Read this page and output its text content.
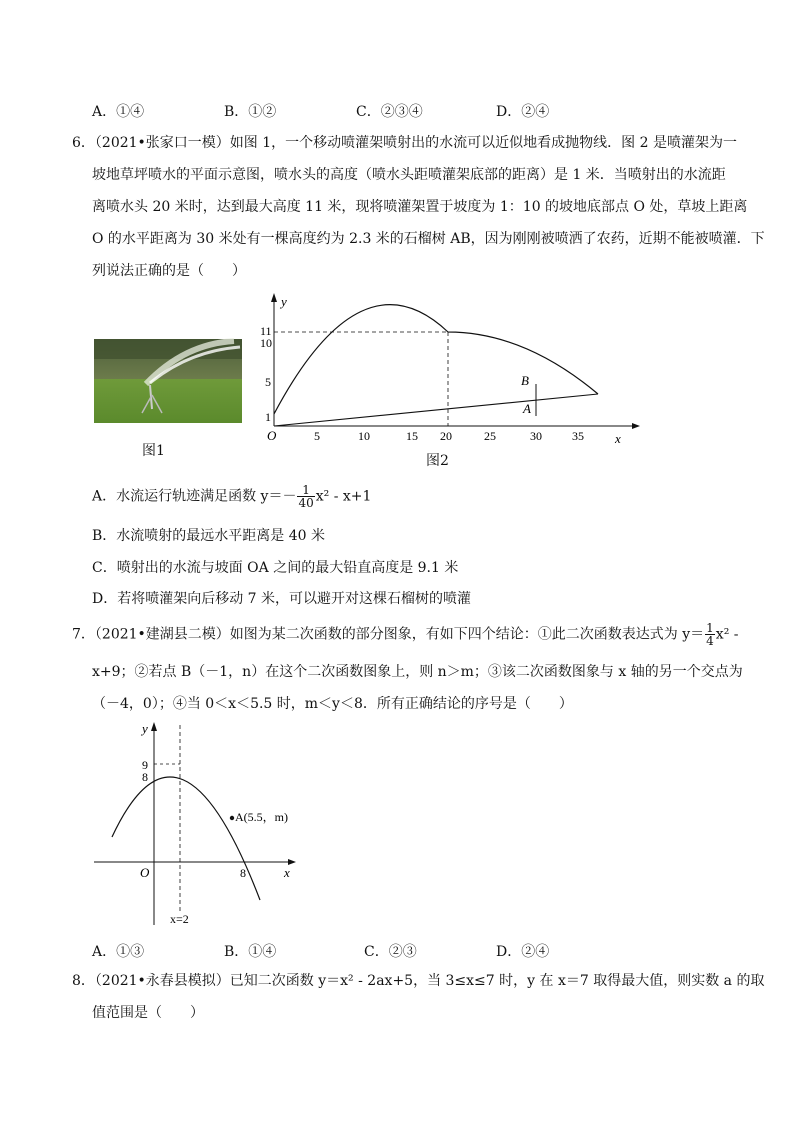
A．①④	B．①②	C．②③④	D．②④
6．（2021•张家口一模）如图 1，一个移动喷灌架喷射出的水流可以近似地看成抛物线．图 2 是喷灌架为一
坡地草坪喷水的平面示意图，喷水头的高度（喷水头距喷灌架底部的距离）是 1 米．当喷射出的水流距
离喷水头 20 米时，达到最大高度 11 米，现将喷灌架置于坡度为 1：10 的坡地底部点 O 处，草坡上距离
O 的水平距离为 30 米处有一棵高度约为 2.3 米的石榴树 AB，因为刚刚被喷洒了农药，近期不能被喷灌．下
列说法正确的是（　　）
图1
y
x
O
11
10
5
1
5	10	15 20	25	30	35
B
A
图2
A．水流运行轨迹满足函数 $y=- \frac{1}{40} x^2 - x+1$
B．水流喷射的最远水平距离是 40 米
C．喷射出的水流与坡面 OA 之间的最大铅直高度是 9.1 米
D．若将喷灌架向后移动 7 米，可以避开对这棵石榴树的喷灌
7．（2021•建湖县二模）如图为某二次函数的部分图象，有如下四个结论：①此二次函数表达式为 $y= \frac{1}{4} x^2$ -
x+9；②若点 B（－1，n）在这个二次函数图象上，则 n＞m；③该二次函数图象与 x 轴的另一个交点为
（－4，0）；④当 0＜x＜5.5 时，m＜y＜8．所有正确结论的序号是（　　）
y
x
O
9
8
8
A(5.5，m)
x=2
A．①③	B．①④	C．②③	D．②④
8．（2021•永春县模拟）已知二次函数 y＝x² - 2ax+5，当 3≤x≤7 时，y 在 x＝7 取得最大值，则实数 a 的取
值范围是（　　）
